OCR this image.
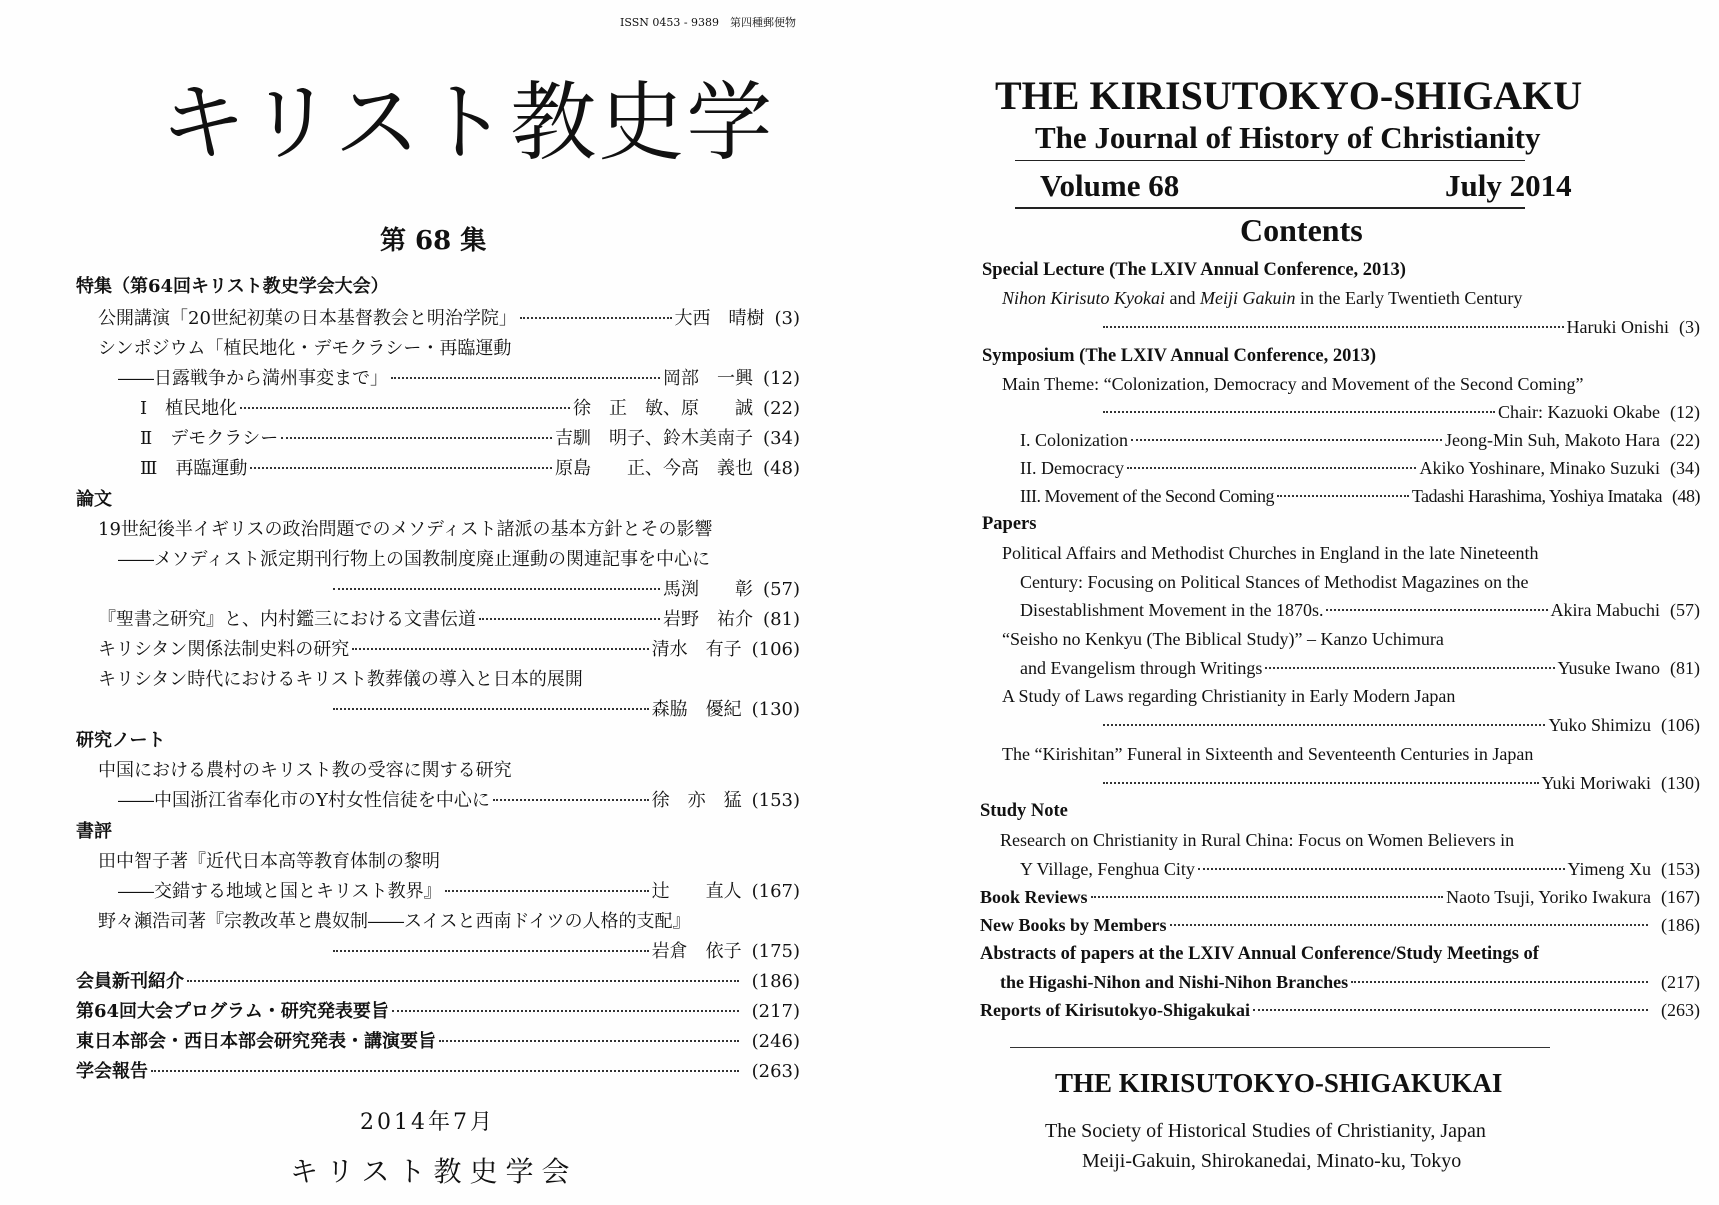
ISSN 0453 - 9389　第四種郵便物
キリスト教史学
第 68 集
特集（第64回キリスト教史学会大会）
公開講演「20世紀初葉の日本基督教会と明治学院」	大西　晴樹 (3)
シンポジウム「植民地化・デモクラシー・再臨運動
――日露戦争から満州事変まで」	岡部　一興 (12)
Ⅰ　植民地化	徐　正　敏、原　　誠 (22)
Ⅱ　デモクラシー	吉馴　明子、鈴木美南子 (34)
Ⅲ　再臨運動	原島　　正、今高　義也 (48)
論文
19世紀後半イギリスの政治問題でのメソディスト諸派の基本方針とその影響
――メソディスト派定期刊行物上の国教制度廃止運動の関連記事を中心に
馬渕　　彰 (57)
『聖書之研究』と、内村鑑三における文書伝道	岩野　祐介 (81)
キリシタン関係法制史料の研究	清水　有子 (106)
キリシタン時代におけるキリスト教葬儀の導入と日本的展開
森脇　優紀 (130)
研究ノート
中国における農村のキリスト教の受容に関する研究
――中国浙江省奉化市のY村女性信徒を中心に	徐　亦　猛 (153)
書評
田中智子著『近代日本高等教育体制の黎明
――交錯する地域と国とキリスト教界』	辻　　直人 (167)
野々瀬浩司著『宗教改革と農奴制――スイスと西南ドイツの人格的支配』
岩倉　依子 (175)
会員新刊紹介	(186)
第64回大会プログラム・研究発表要旨	(217)
東日本部会・西日本部会研究発表・講演要旨	(246)
学会報告	(263)
2014年7月
キリスト教史学会
THE KIRISUTOKYO-SHIGAKU
The Journal of History of Christianity
Volume 68	July 2014
Contents
Special Lecture (The LXIV Annual Conference, 2013)
Nihon Kirisuto Kyokai and Meiji Gakuin in the Early Twentieth Century
Haruki Onishi (3)
Symposium (The LXIV Annual Conference, 2013)
Main Theme: “Colonization, Democracy and Movement of the Second Coming”
Chair: Kazuoki Okabe (12)
I. Colonization	Jeong-Min Suh, Makoto Hara (22)
II. Democracy	Akiko Yoshinare, Minako Suzuki (34)
III. Movement of the Second Coming	Tadashi Harashima, Yoshiya Imataka (48)
Papers
Political Affairs and Methodist Churches in England in the late Nineteenth
Century: Focusing on Political Stances of Methodist Magazines on the
Disestablishment Movement in the 1870s.	Akira Mabuchi (57)
“Seisho no Kenkyu (The Biblical Study)” – Kanzo Uchimura
and Evangelism through Writings	Yusuke Iwano (81)
A Study of Laws regarding Christianity in Early Modern Japan
Yuko Shimizu (106)
The “Kirishitan” Funeral in Sixteenth and Seventeenth Centuries in Japan
Yuki Moriwaki (130)
Study Note
Research on Christianity in Rural China: Focus on Women Believers in
Y Village, Fenghua City	Yimeng Xu (153)
Book Reviews	Naoto Tsuji, Yoriko Iwakura (167)
New Books by Members	(186)
Abstracts of papers at the LXIV Annual Conference/Study Meetings of
the Higashi-Nihon and Nishi-Nihon Branches	(217)
Reports of Kirisutokyo-Shigakukai	(263)
THE KIRISUTOKYO-SHIGAKUKAI
The Society of Historical Studies of Christianity, Japan
Meiji-Gakuin, Shirokanedai, Minato-ku, Tokyo
